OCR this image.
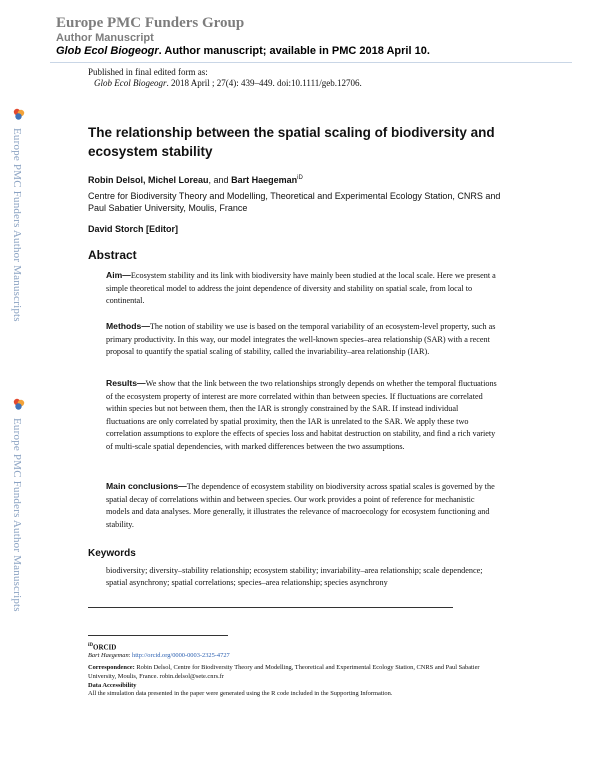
Europe PMC Funders Group
Author Manuscript
Glob Ecol Biogeogr. Author manuscript; available in PMC 2018 April 10.
Published in final edited form as:
Glob Ecol Biogeogr. 2018 April ; 27(4): 439–449. doi:10.1111/geb.12706.
Europe PMC Funders Author Manuscripts
Europe PMC Funders Author Manuscripts
The relationship between the spatial scaling of biodiversity and ecosystem stability
Robin Delsol, Michel Loreau, and Bart Haegeman$^{iD}$
Centre for Biodiversity Theory and Modelling, Theoretical and Experimental Ecology Station, CNRS and Paul Sabatier University, Moulis, France
David Storch [Editor]
Abstract
Aim—Ecosystem stability and its link with biodiversity have mainly been studied at the local scale. Here we present a simple theoretical model to address the joint dependence of diversity and stability on spatial scale, from local to continental.
Methods—The notion of stability we use is based on the temporal variability of an ecosystem-level property, such as primary productivity. In this way, our model integrates the well-known species–area relationship (SAR) with a recent proposal to quantify the spatial scaling of stability, called the invariability–area relationship (IAR).
Results—We show that the link between the two relationships strongly depends on whether the temporal fluctuations of the ecosystem property of interest are more correlated within than between species. If fluctuations are correlated within species but not between them, then the IAR is strongly constrained by the SAR. If instead individual fluctuations are only correlated by spatial proximity, then the IAR is unrelated to the SAR. We apply these two correlation assumptions to explore the effects of species loss and habitat destruction on stability, and find a rich variety of multi-scale spatial dependencies, with marked differences between the two assumptions.
Main conclusions—The dependence of ecosystem stability on biodiversity across spatial scales is governed by the spatial decay of correlations within and between species. Our work provides a point of reference for mechanistic models and data analyses. More generally, it illustrates the relevance of macroecology for ecosystem functioning and stability.
Keywords
biodiversity; diversity–stability relationship; ecosystem stability; invariability–area relationship; scale dependence; spatial asynchrony; spatial correlations; species–area relationship; species asynchrony
$^{iD}$ORCID
Bart Haegeman: http://orcid.org/0000-0003-2325-4727
Correspondence: Robin Delsol, Centre for Biodiversity Theory and Modelling, Theoretical and Experimental Ecology Station, CNRS and Paul Sabatier University, Moulis, France. robin.delsol@sete.cnrs.fr
Data Accessibility
All the simulation data presented in the paper were generated using the R code included in the Supporting Information.
